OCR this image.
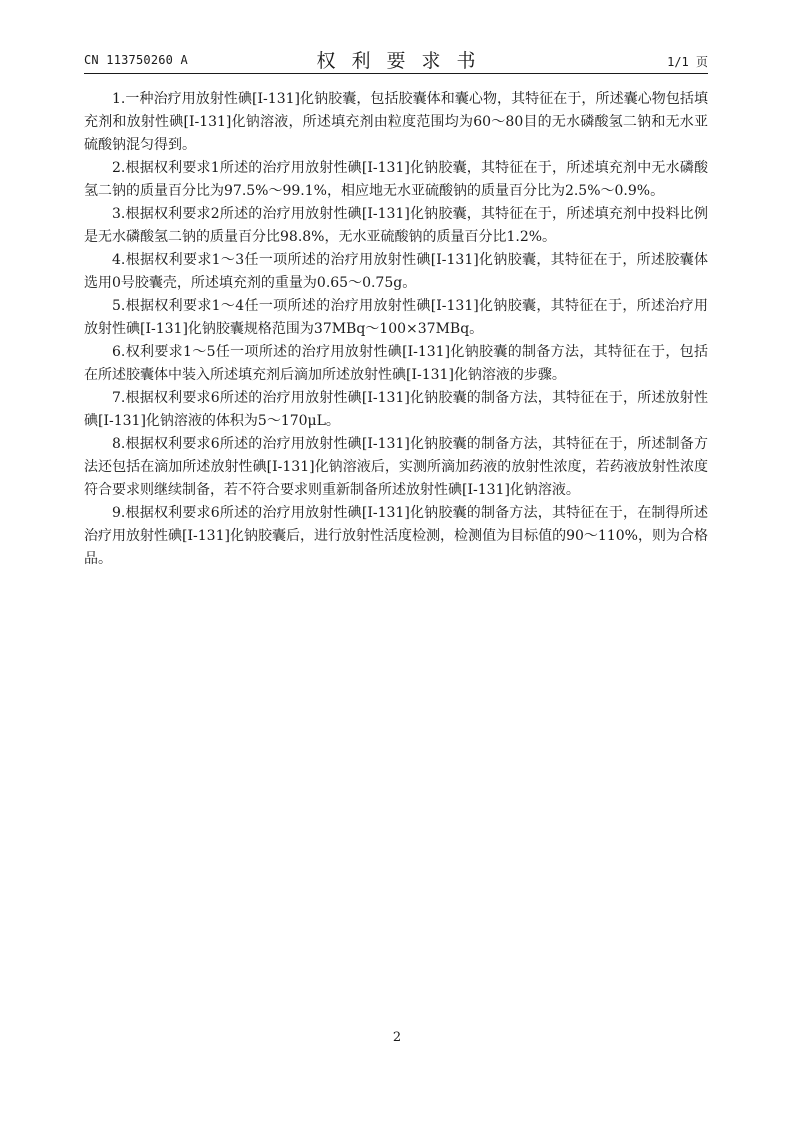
CN 113750260 A	权利要求书	1/1 页

1.一种治疗用放射性碘[I-131]化钠胶囊，包括胶囊体和囊心物，其特征在于，所述囊心物包括填充剂和放射性碘[I-131]化钠溶液，所述填充剂由粒度范围均为60～80目的无水磷酸氢二钠和无水亚硫酸钠混匀得到。

2.根据权利要求1所述的治疗用放射性碘[I-131]化钠胶囊，其特征在于，所述填充剂中无水磷酸氢二钠的质量百分比为97.5%～99.1%，相应地无水亚硫酸钠的质量百分比为2.5%～0.9%。

3.根据权利要求2所述的治疗用放射性碘[I-131]化钠胶囊，其特征在于，所述填充剂中投料比例是无水磷酸氢二钠的质量百分比98.8%，无水亚硫酸钠的质量百分比1.2%。

4.根据权利要求1～3任一项所述的治疗用放射性碘[I-131]化钠胶囊，其特征在于，所述胶囊体选用0号胶囊壳，所述填充剂的重量为0.65～0.75g。

5.根据权利要求1～4任一项所述的治疗用放射性碘[I-131]化钠胶囊，其特征在于，所述治疗用放射性碘[I-131]化钠胶囊规格范围为37MBq～100×37MBq。

6.权利要求1～5任一项所述的治疗用放射性碘[I-131]化钠胶囊的制备方法，其特征在于，包括在所述胶囊体中装入所述填充剂后滴加所述放射性碘[I-131]化钠溶液的步骤。

7.根据权利要求6所述的治疗用放射性碘[I-131]化钠胶囊的制备方法，其特征在于，所述放射性碘[I-131]化钠溶液的体积为5～170μL。

8.根据权利要求6所述的治疗用放射性碘[I-131]化钠胶囊的制备方法，其特征在于，所述制备方法还包括在滴加所述放射性碘[I-131]化钠溶液后，实测所滴加药液的放射性浓度，若药液放射性浓度符合要求则继续制备，若不符合要求则重新制备所述放射性碘[I-131]化钠溶液。

9.根据权利要求6所述的治疗用放射性碘[I-131]化钠胶囊的制备方法，其特征在于，在制得所述治疗用放射性碘[I-131]化钠胶囊后，进行放射性活度检测，检测值为目标值的90～110%，则为合格品。

2
